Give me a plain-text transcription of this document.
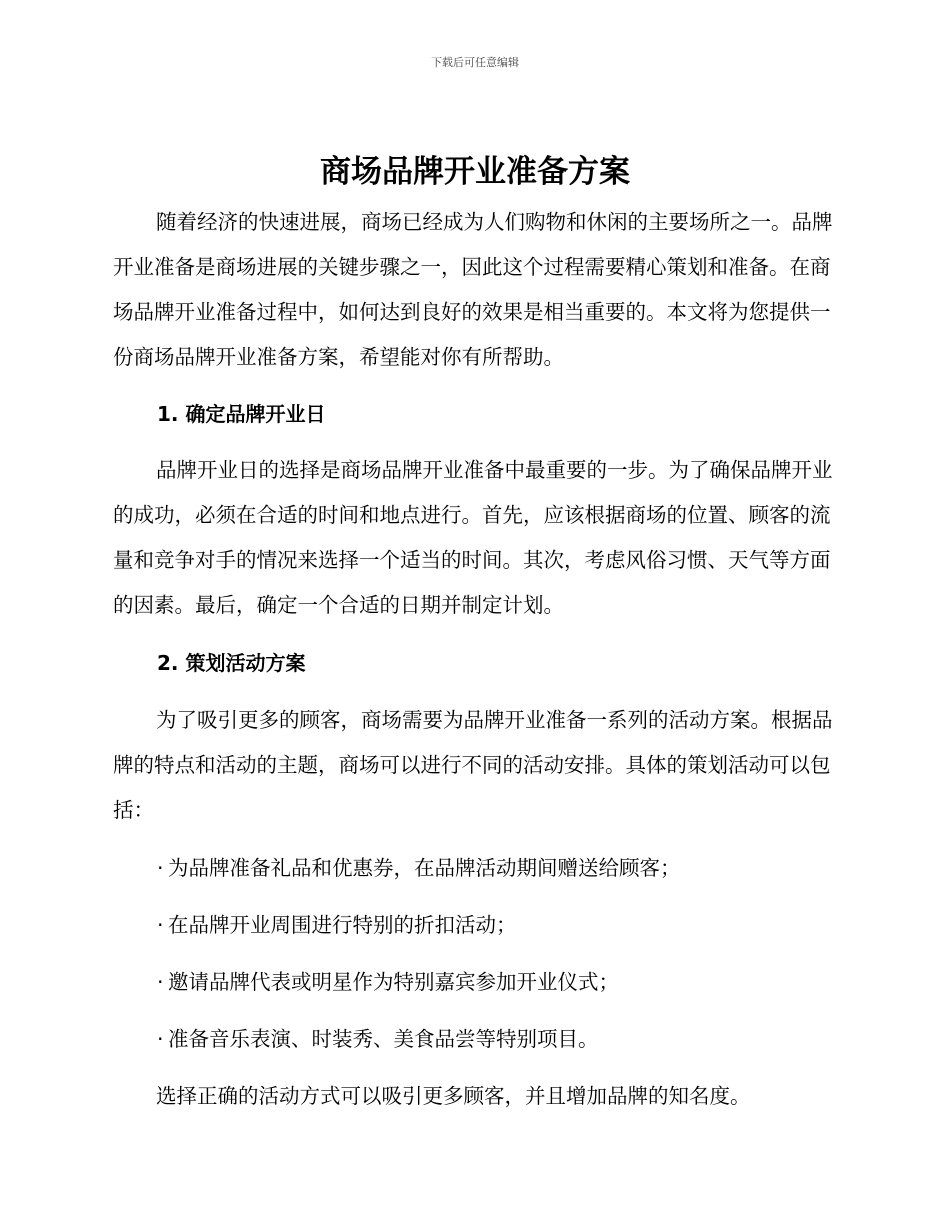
下载后可任意编辑
商场品牌开业准备方案

随着经济的快速进展，商场已经成为人们购物和休闲的主要场所之一。品牌开业准备是商场进展的关键步骤之一，因此这个过程需要精心策划和准备。在商场品牌开业准备过程中，如何达到良好的效果是相当重要的。本文将为您提供一份商场品牌开业准备方案，希望能对你有所帮助。

1. 确定品牌开业日

品牌开业日的选择是商场品牌开业准备中最重要的一步。为了确保品牌开业的成功，必须在合适的时间和地点进行。首先，应该根据商场的位置、顾客的流量和竞争对手的情况来选择一个适当的时间。其次，考虑风俗习惯、天气等方面的因素。最后，确定一个合适的日期并制定计划。

2. 策划活动方案

为了吸引更多的顾客，商场需要为品牌开业准备一系列的活动方案。根据品牌的特点和活动的主题，商场可以进行不同的活动安排。具体的策划活动可以包括：

· 为品牌准备礼品和优惠券，在品牌活动期间赠送给顾客；
· 在品牌开业周围进行特别的折扣活动；
· 邀请品牌代表或明星作为特别嘉宾参加开业仪式；
· 准备音乐表演、时装秀、美食品尝等特别项目。

选择正确的活动方式可以吸引更多顾客，并且增加品牌的知名度。
